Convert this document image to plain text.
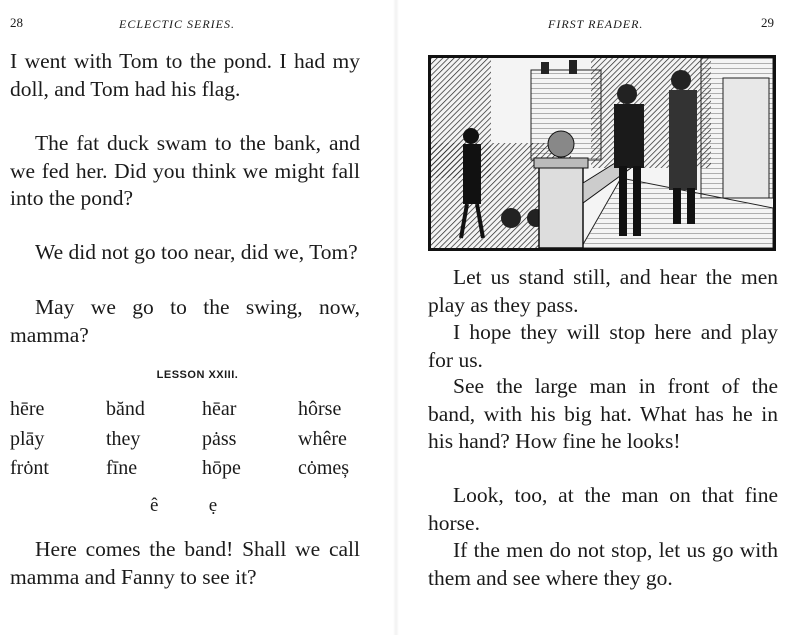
28	ECLECTIC SERIES.

I went with Tom to the pond. I had my doll, and Tom had his flag.

The fat duck swam to the bank, and we fed her. Did you think we might fall into the pond?

We did not go too near, did we, Tom?

May we go to the swing, now, mamma?

LESSON XXIII.
hēre	bănd	hēar	hôrse
plāy	they	pȧss	whêre
frȯnt	fīne	hōpe	cȯmeș
ê	ẹ

Here comes the band! Shall we call mamma and Fanny to see it?

FIRST READER.	29

Let us stand still, and hear the men play as they pass.

I hope they will stop here and play for us.

See the large man in front of the band, with his big hat. What has he in his hand? How fine he looks!

Look, too, at the man on that fine horse.

If the men do not stop, let us go with them and see where they go.
